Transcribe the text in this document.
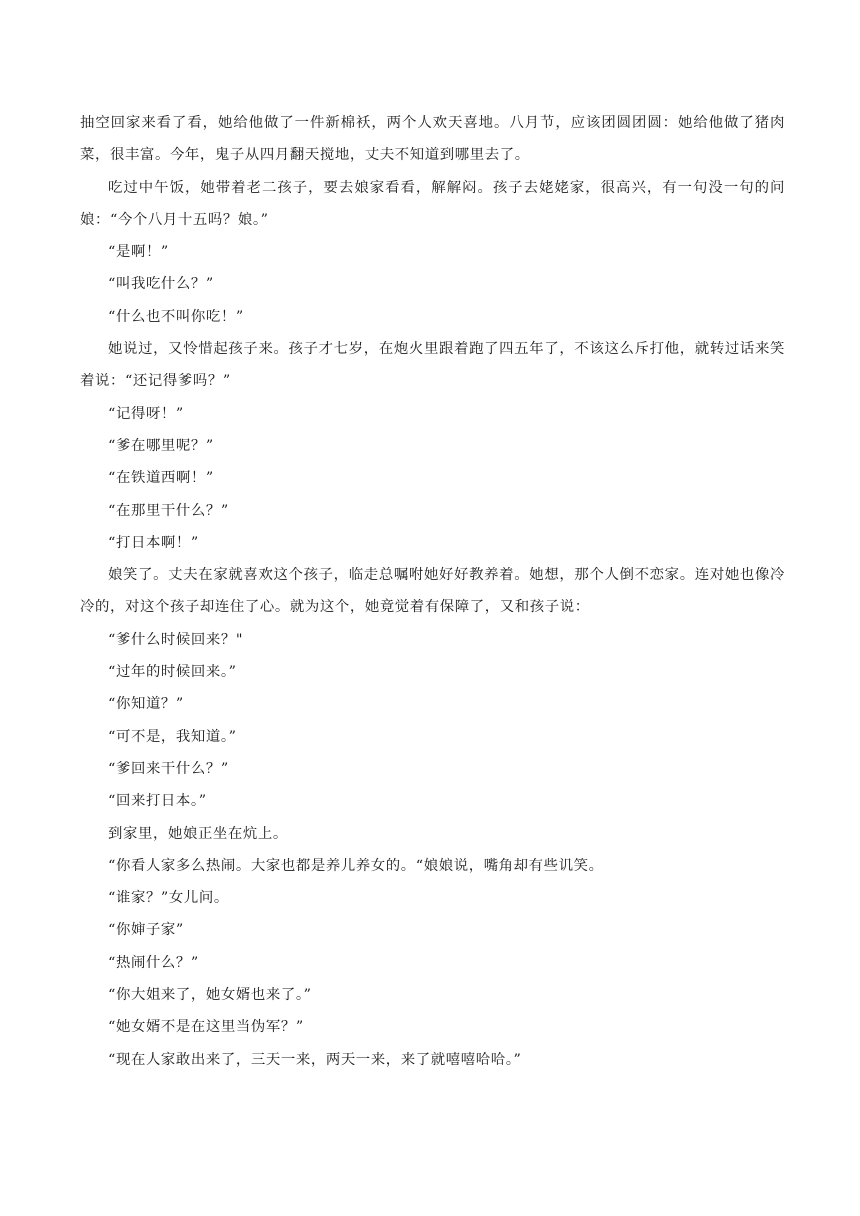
抽空回家来看了看，她给他做了一件新棉袄，两个人欢天喜地。八月节，应该团圆团圆：她给他做了猪肉菜，很丰富。今年，鬼子从四月翻天搅地，丈夫不知道到哪里去了。

吃过中午饭，她带着老二孩子，要去娘家看看，解解闷。孩子去姥姥家，很高兴，有一句没一句的问娘：“今个八月十五吗？娘。”

“是啊！”

“叫我吃什么？”

“什么也不叫你吃！”

她说过，又怜惜起孩子来。孩子才七岁，在炮火里跟着跑了四五年了，不该这么斥打他，就转过话来笑着说：“还记得爹吗？”

“记得呀！”

“爹在哪里呢？”

“在铁道西啊！”

“在那里干什么？”

“打日本啊！”

娘笑了。丈夫在家就喜欢这个孩子，临走总嘱咐她好好教养着。她想，那个人倒不恋家。连对她也像冷冷的，对这个孩子却连住了心。就为这个，她竟觉着有保障了，又和孩子说：

“爹什么时候回来？"

“过年的时候回来。”

“你知道？”

“可不是，我知道。”

“爹回来干什么？”

“回来打日本。”

到家里，她娘正坐在炕上。

“你看人家多么热闹。大家也都是养儿养女的。“娘娘说，嘴角却有些讥笑。

“谁家？”女儿问。

“你婶子家”

“热闹什么？”

“你大姐来了，她女婿也来了。”

“她女婿不是在这里当伪军？”

“现在人家敢出来了，三天一来，两天一来，来了就嘻嘻哈哈。”
